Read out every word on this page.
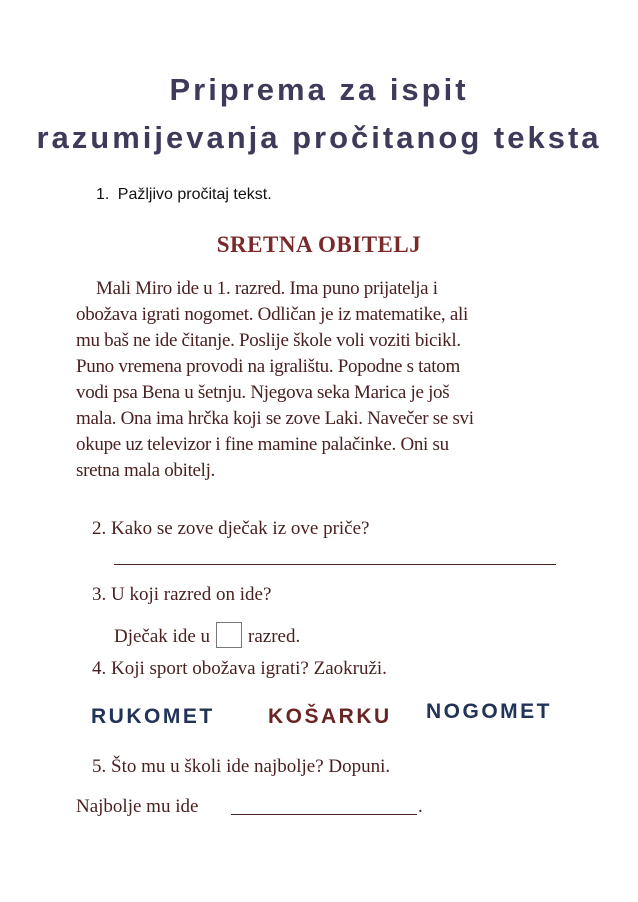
Priprema za ispit
razumijevanja pročitanog teksta
1. Pažljivo pročitaj tekst.
SRETNA OBITELJ
Mali Miro ide u 1. razred. Ima puno prijatelja i
obožava igrati nogomet. Odličan je iz matematike, ali
mu baš ne ide čitanje. Poslije škole voli voziti bicikl.
Puno vremena provodi na igralištu. Popodne s tatom
vodi psa Bena u šetnju. Njegova seka Marica je još
mala. Ona ima hrčka koji se zove Laki. Navečer se svi
okupe uz televizor i fine mamine palačinke. Oni su
sretna mala obitelj.
2. Kako se zove dječak iz ove priče?
3. U koji razred on ide?
Dječak ide u razred.
4. Koji sport obožava igrati? Zaokruži.
RUKOMET	KOŠARKU NOGOMET
5. Što mu u školi ide najbolje? Dopuni.
Najbolje mu ide	.
